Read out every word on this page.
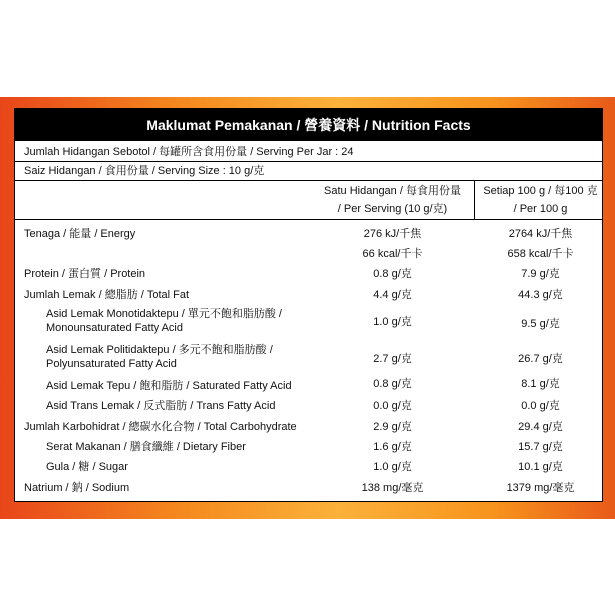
Maklumat Pemakanan / 營養資料 / Nutrition Facts
Jumlah Hidangan Sebotol / 每罐所含食用份量 / Serving Per Jar : 24
Saiz Hidangan / 食用份量 / Serving Size : 10 g/克
Satu Hidangan / 每食用份量
/ Per Serving (10 g/克)
Setiap 100 g / 每100 克
/ Per 100 g
Tenaga / 能量 / Energy	276 kJ/千焦	2764 kJ/千焦
66 kcal/千卡	658 kcal/千卡
Protein / 蛋白質 / Protein	0.8 g/克	7.9 g/克
Jumlah Lemak / 總脂肪 / Total Fat	4.4 g/克	44.3 g/克
Asid Lemak Monotidaktepu / 單元不飽和脂肪酸 /
Monounsaturated Fatty Acid	1.0 g/克	9.5 g/克
Asid Lemak Politidaktepu / 多元不飽和脂肪酸 /
Polyunsaturated Fatty Acid	2.7 g/克	26.7 g/克
Asid Lemak Tepu / 飽和脂肪 / Saturated Fatty Acid	0.8 g/克	8.1 g/克
Asid Trans Lemak / 反式脂肪 / Trans Fatty Acid	0.0 g/克	0.0 g/克
Jumlah Karbohidrat / 總碳水化合物 / Total Carbohydrate	2.9 g/克	29.4 g/克
Serat Makanan / 膳食纖維 / Dietary Fiber	1.6 g/克	15.7 g/克
Gula / 糖 / Sugar	1.0 g/克	10.1 g/克
Natrium / 鈉 / Sodium	138 mg/毫克	1379 mg/毫克
